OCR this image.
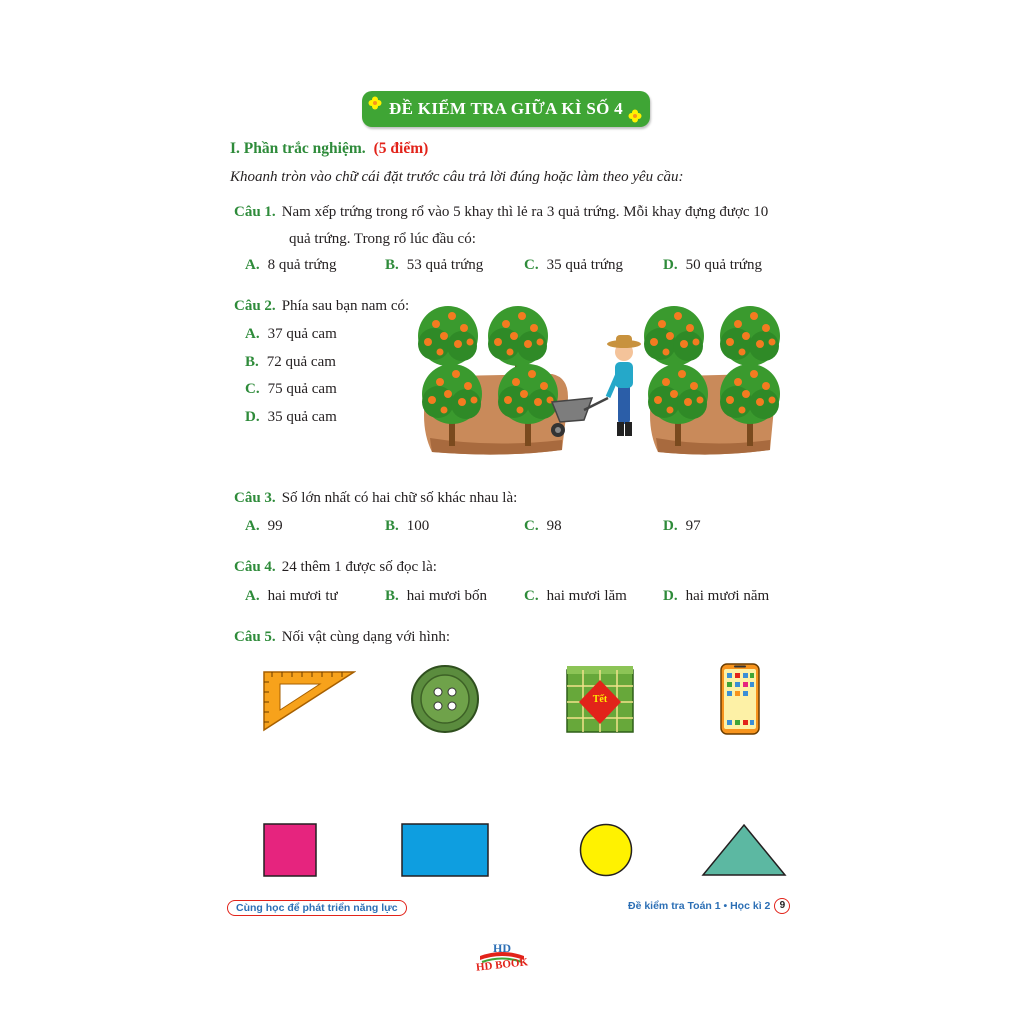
ĐỀ KIỂM TRA GIỮA KÌ SỐ 4
I. Phần trắc nghiệm. (5 điểm)
Khoanh tròn vào chữ cái đặt trước câu trả lời đúng hoặc làm theo yêu cầu:
Câu 1. Nam xếp trứng trong rổ vào 5 khay thì lẻ ra 3 quả trứng. Mỗi khay đựng được 10
quả trứng. Trong rổ lúc đầu có:
A. 8 quả trứng	B. 53 quả trứng	C. 35 quả trứng	D. 50 quả trứng
Câu 2. Phía sau bạn nam có:
A. 37 quả cam
B. 72 quả cam
C. 75 quả cam
D. 35 quả cam
Câu 3. Số lớn nhất có hai chữ số khác nhau là:
A. 99	B. 100	C. 98	D. 97
Câu 4. 24 thêm 1 được số đọc là:
A. hai mươi tư	B. hai mươi bốn C. hai mươi lăm D. hai mươi năm
Câu 5. Nối vật cùng dạng với hình:
Tết
Cùng học để phát triển năng lực	Đề kiểm tra Toán 1 • Học kì 2 9
HD
HD BOOK
